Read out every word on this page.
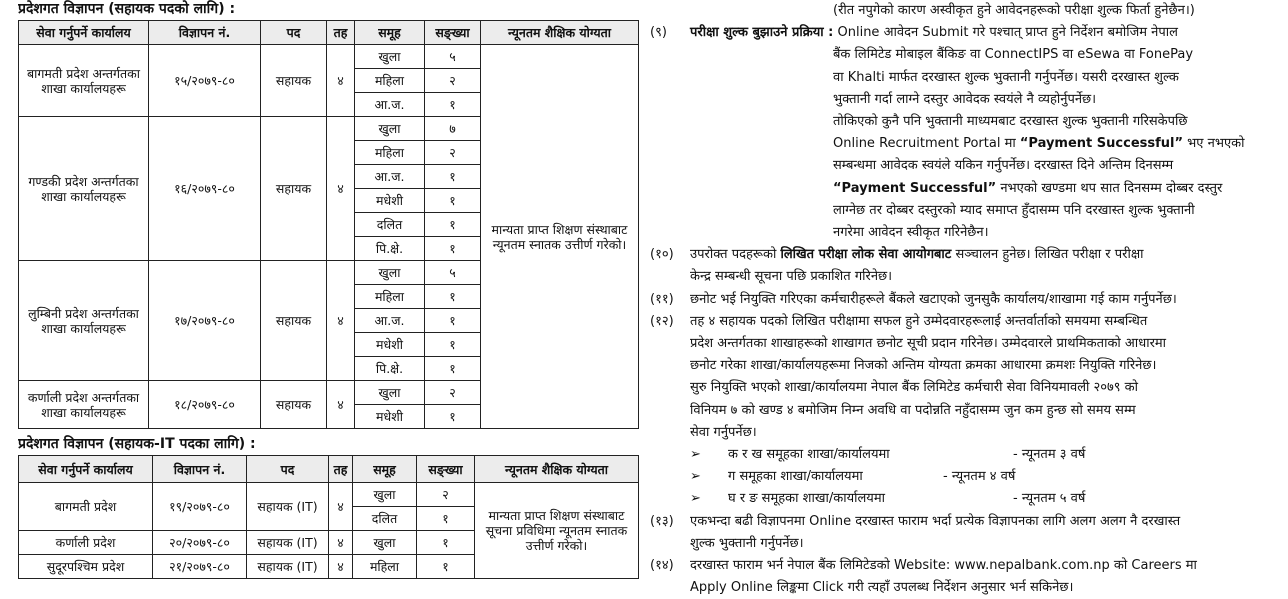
प्रदेशगत विज्ञापन (सहायक पदको लागि) :
सेवा गर्नुपर्ने कार्यालय	विज्ञापन नं.	पद	तह	समूह	सङ्ख्या	न्यूनतम शैक्षिक योग्यता
बागमती प्रदेश अन्तर्गतका शाखा कार्यालयहरू	१५/२०७९-८०	सहायक	४	खुला	५	मान्यता प्राप्त शिक्षण संस्थाबाट न्यूनतम स्नातक उत्तीर्ण गरेको।
				महिला	२	
				आ.ज.	१	
गण्डकी प्रदेश अन्तर्गतका शाखा कार्यालयहरू	१६/२०७९-८०	सहायक	४	खुला	७	
				महिला	२	
				आ.ज.	१	
				मधेशी	१	
				दलित	१	
				पि.क्षे.	१	
लुम्बिनी प्रदेश अन्तर्गतका शाखा कार्यालयहरू	१७/२०७९-८०	सहायक	४	खुला	५	
				महिला	१	
				आ.ज.	१	
				मधेशी	१	
				पि.क्षे.	१	
कर्णाली प्रदेश अन्तर्गतका शाखा कार्यालयहरू	१८/२०७९-८०	सहायक	४	खुला	२	
				मधेशी	१	
प्रदेशगत विज्ञापन (सहायक-IT पदका लागि) :
सेवा गर्नुपर्ने कार्यालय	विज्ञापन नं.	पद	तह	समूह	सङ्ख्या	न्यूनतम शैक्षिक योग्यता
बागमती प्रदेश	१९/२०७९-८०	सहायक (IT)	४	खुला	२	मान्यता प्राप्त शिक्षण संस्थाबाट सूचना प्रविधिमा न्यूनतम स्नातक उत्तीर्ण गरेको।
				दलित	१	
कर्णाली प्रदेश	२०/२०७९-८०	सहायक (IT)	४	खुला	१	
सुदूरपश्चिम प्रदेश	२१/२०७९-८०	सहायक (IT)	४	महिला	१	

(रीत नपुगेको कारण अस्वीकृत हुने आवेदनहरूको परीक्षा शुल्क फिर्ता हुनेछैन।)

(९) परीक्षा शुल्क बुझाउने प्रक्रिया : Online आवेदन Submit गरे पश्चात् प्राप्त हुने निर्देशन बमोजिम नेपाल

बैंक लिमिटेड मोबाइल बैंकिङ वा ConnectIPS वा eSewa वा FonePay

वा Khalti मार्फत दरखास्त शुल्क भुक्तानी गर्नुपर्नेछ। यसरी दरखास्त शुल्क

भुक्तानी गर्दा लाग्ने दस्तुर आवेदक स्वयंले नै व्यहोर्नुपर्नेछ।

तोकिएको कुनै पनि भुक्तानी माध्यमबाट दरखास्त शुल्क भुक्तानी गरिसकेपछि

Online Recruitment Portal मा “Payment Successful” भए नभएको

सम्बन्धमा आवेदक स्वयंले यकिन गर्नुपर्नेछ। दरखास्त दिने अन्तिम दिनसम्म

“Payment Successful” नभएको खण्डमा थप सात दिनसम्म दोब्बर दस्तुर

लाग्नेछ तर दोब्बर दस्तुरको म्याद समाप्त हुँदासम्म पनि दरखास्त शुल्क भुक्तानी

नगरेमा आवेदन स्वीकृत गरिनेछैन।

(१०) उपरोक्त पदहरूको लिखित परीक्षा लोक सेवा आयोगबाट सञ्चालन हुनेछ। लिखित परीक्षा र परीक्षा

केन्द्र सम्बन्धी सूचना पछि प्रकाशित गरिनेछ।

(११) छनोट भई नियुक्ति गरिएका कर्मचारीहरूले बैंकले खटाएको जुनसुकै कार्यालय/शाखामा गई काम गर्नुपर्नेछ।

(१२) तह ४ सहायक पदको लिखित परीक्षामा सफल हुने उम्मेदवारहरूलाई अन्तर्वार्ताको समयमा सम्बन्धित

प्रदेश अन्तर्गतका शाखाहरूको शाखागत छनोट सूची प्रदान गरिनेछ। उम्मेदवारले प्राथमिकताको आधारमा

छनोट गरेका शाखा/कार्यालयहरूमा निजको अन्तिम योग्यता क्रमका आधारमा क्रमशः नियुक्ति गरिनेछ।

सुरु नियुक्ति भएको शाखा/कार्यालयमा नेपाल बैंक लिमिटेड कर्मचारी सेवा विनियमावली २०७९ को

विनियम ७ को खण्ड ४ बमोजिम निम्न अवधि वा पदोन्नति नहुँदासम्म जुन कम हुन्छ सो समय सम्म

सेवा गर्नुपर्नेछ।

➢ क र ख समूहका शाखा/कार्यालयमा	- न्यूनतम ३ वर्ष

➢ ग समूहका शाखा/कार्यालयमा	- न्यूनतम ४ वर्ष

➢ घ र ङ समूहका शाखा/कार्यालयमा	- न्यूनतम ५ वर्ष

(१३) एकभन्दा बढी विज्ञापनमा Online दरखास्त फाराम भर्दा प्रत्येक विज्ञापनका लागि अलग अलग नै दरखास्त

शुल्क भुक्तानी गर्नुपर्नेछ।

(१४) दरखास्त फाराम भर्न नेपाल बैंक लिमिटेडको Website: www.nepalbank.com.np को Careers मा

Apply Online लिङ्कमा Click गरी त्यहाँ उपलब्ध निर्देशन अनुसार भर्न सकिनेछ।
